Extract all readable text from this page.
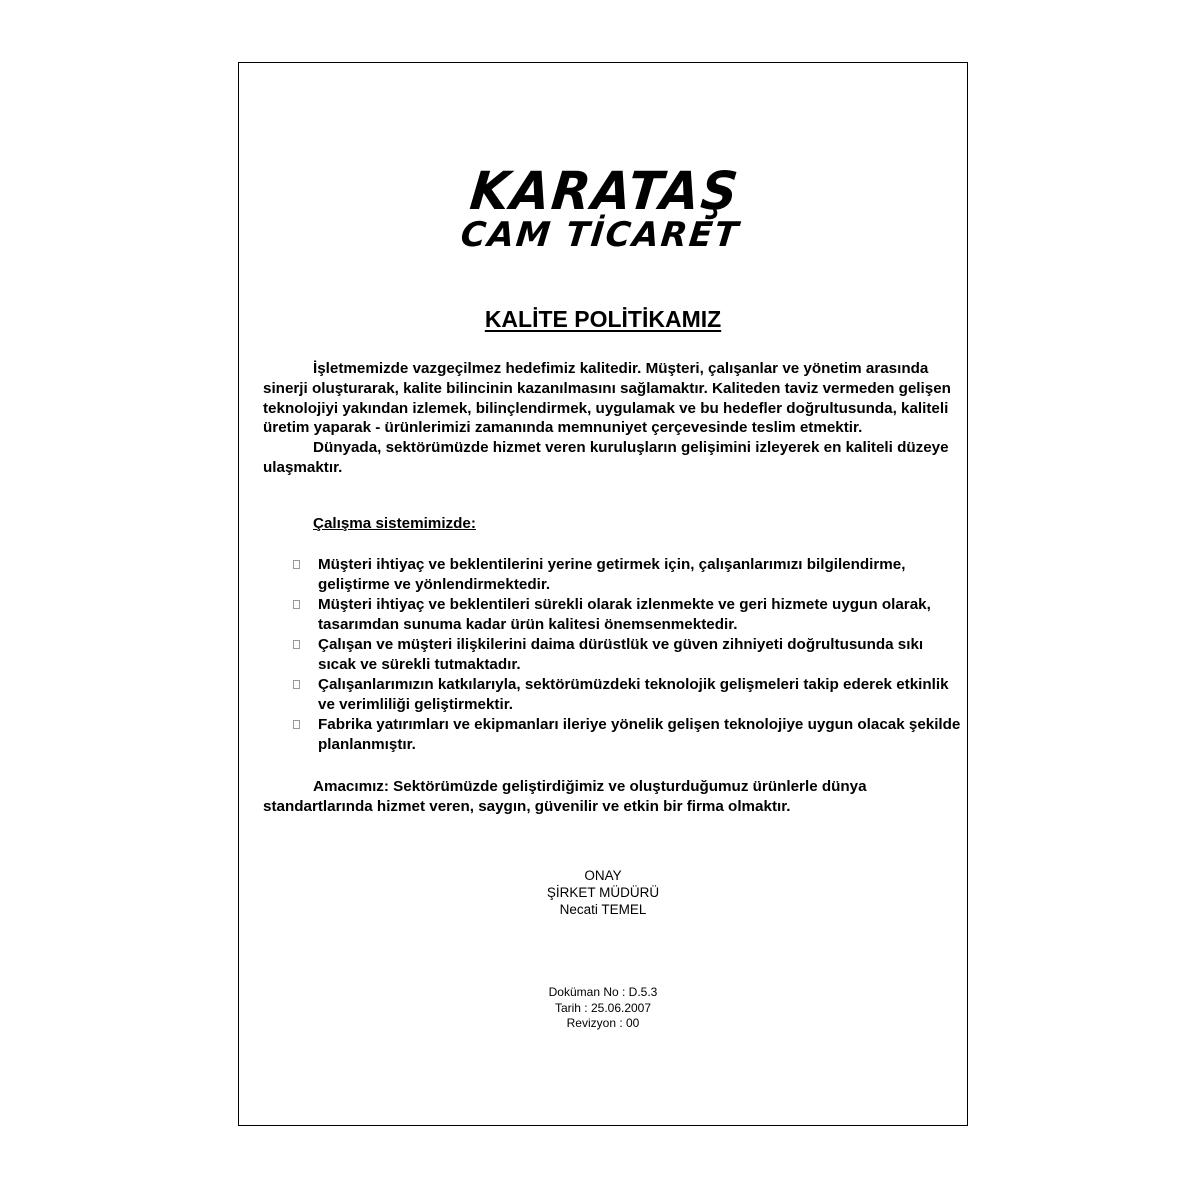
KARATAŞ
CAM TİCARET
KALİTE POLİTİKAMIZ

İşletmemizde vazgeçilmez hedefimiz kalitedir. Müşteri, çalışanlar ve yönetim arasında sinerji oluşturarak, kalite bilincinin kazanılmasını sağlamaktır. Kaliteden taviz vermeden gelişen teknolojiyi yakından izlemek, bilinçlendirmek, uygulamak ve bu hedefler doğrultusunda, kaliteli üretim yaparak - ürünlerimizi zamanında memnuniyet çerçevesinde teslim etmektir.

Dünyada, sektörümüzde hizmet veren kuruluşların gelişimini izleyerek en kaliteli düzeye ulaşmaktır.

Çalışma sistemimizde:
Müşteri ihtiyaç ve beklentilerini yerine getirmek için, çalışanlarımızı bilgilendirme, geliştirme ve yönlendirmektedir.
Müşteri ihtiyaç ve beklentileri sürekli olarak izlenmekte ve geri hizmete uygun olarak, tasarımdan sunuma kadar ürün kalitesi önemsenmektedir.
Çalışan ve müşteri ilişkilerini daima dürüstlük ve güven zihniyeti doğrultusunda sıkı sıcak ve sürekli tutmaktadır.
Çalışanlarımızın katkılarıyla, sektörümüzdeki teknolojik gelişmeleri takip ederek etkinlik ve verimliliği geliştirmektir.
Fabrika yatırımları ve ekipmanları ileriye yönelik gelişen teknolojiye uygun olacak şekilde planlanmıştır.

Amacımız: Sektörümüzde geliştirdiğimiz ve oluşturduğumuz ürünlerle dünya standartlarında hizmet veren, saygın, güvenilir ve etkin bir firma olmaktır.

ONAY
ŞİRKET MÜDÜRÜ
Necati TEMEL
Doküman No : D.5.3
Tarih : 25.06.2007
Revizyon : 00
